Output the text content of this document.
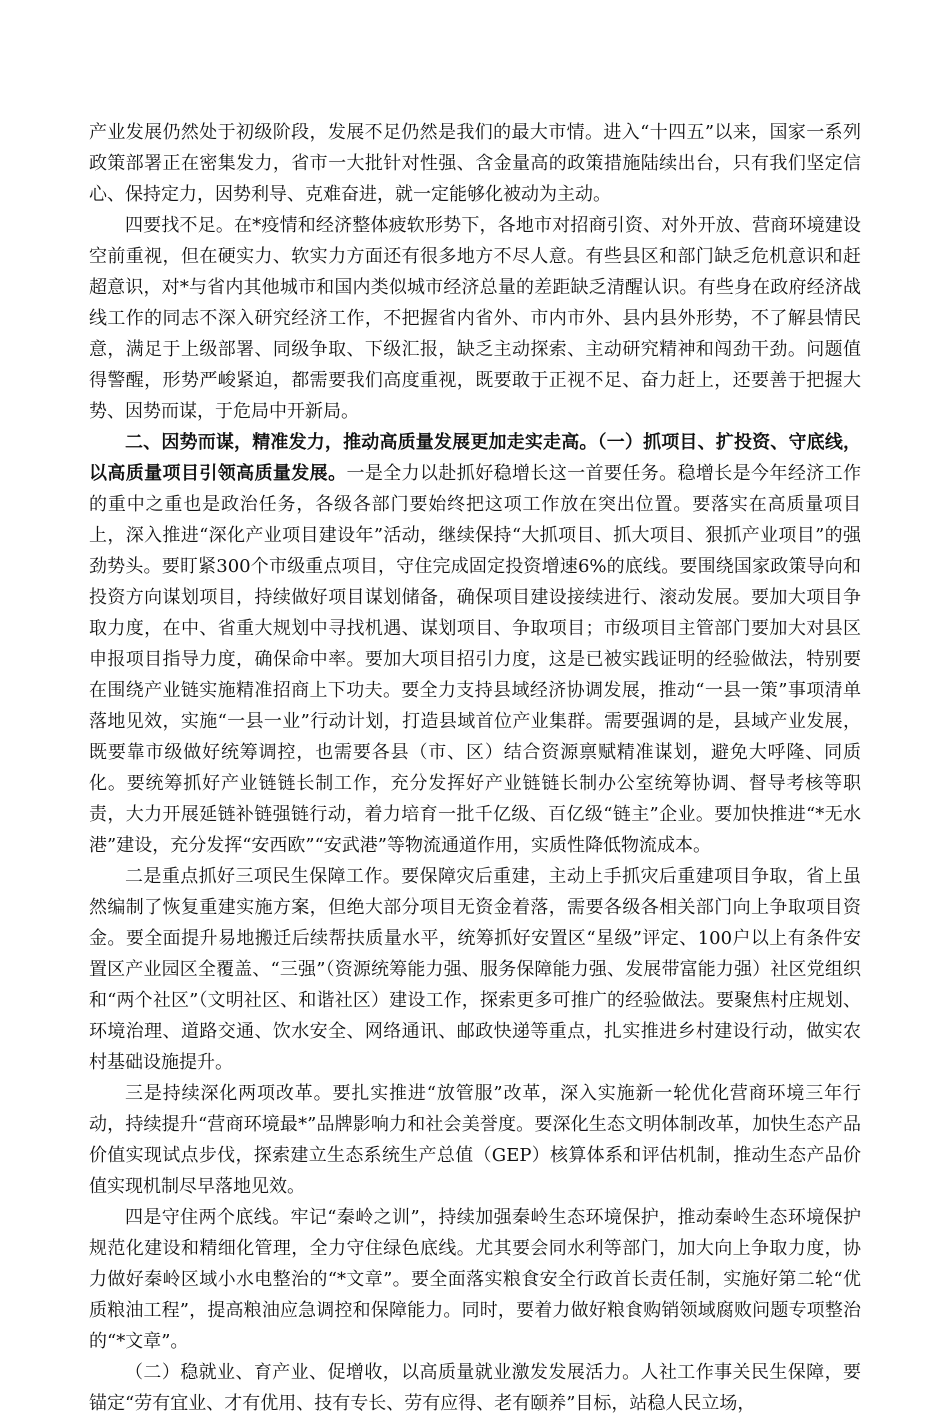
产业发展仍然处于初级阶段，发展不足仍然是我们的最大市情。进入“十四五”以来，国家一系列政策部署正在密集发力，省市一大批针对性强、含金量高的政策措施陆续出台，只有我们坚定信心、保持定力，因势利导、克难奋进，就一定能够化被动为主动。

四要找不足。在*疫情和经济整体疲软形势下，各地市对招商引资、对外开放、营商环境建设空前重视，但在硬实力、软实力方面还有很多地方不尽人意。有些县区和部门缺乏危机意识和赶超意识，对*与省内其他城市和国内类似城市经济总量的差距缺乏清醒认识。有些身在政府经济战线工作的同志不深入研究经济工作，不把握省内省外、市内市外、县内县外形势，不了解县情民意，满足于上级部署、同级争取、下级汇报，缺乏主动探索、主动研究精神和闯劲干劲。问题值得警醒，形势严峻紧迫，都需要我们高度重视，既要敢于正视不足、奋力赶上，还要善于把握大势、因势而谋，于危局中开新局。

二、因势而谋，精准发力，推动高质量发展更加走实走高。（一）抓项目、扩投资、守底线，以高质量项目引领高质量发展。一是全力以赴抓好稳增长这一首要任务。稳增长是今年经济工作的重中之重也是政治任务，各级各部门要始终把这项工作放在突出位置。要落实在高质量项目上，深入推进“深化产业项目建设年”活动，继续保持“大抓项目、抓大项目、狠抓产业项目”的强劲势头。要盯紧300个市级重点项目，守住完成固定投资增速6%的底线。要围绕国家政策导向和投资方向谋划项目，持续做好项目谋划储备，确保项目建设接续进行、滚动发展。要加大项目争取力度，在中、省重大规划中寻找机遇、谋划项目、争取项目；市级项目主管部门要加大对县区申报项目指导力度，确保命中率。要加大项目招引力度，这是已被实践证明的经验做法，特别要在围绕产业链实施精准招商上下功夫。要全力支持县域经济协调发展，推动“一县一策”事项清单落地见效，实施“一县一业”行动计划，打造县域首位产业集群。需要强调的是，县域产业发展，既要靠市级做好统筹调控，也需要各县（市、区）结合资源禀赋精准谋划，避免大呼隆、同质化。要统筹抓好产业链链长制工作，充分发挥好产业链链长制办公室统筹协调、督导考核等职责，大力开展延链补链强链行动，着力培育一批千亿级、百亿级“链主”企业。要加快推进“*无水港”建设，充分发挥“安西欧”“安武港”等物流通道作用，实质性降低物流成本。

二是重点抓好三项民生保障工作。要保障灾后重建，主动上手抓灾后重建项目争取，省上虽然编制了恢复重建实施方案，但绝大部分项目无资金着落，需要各级各相关部门向上争取项目资金。要全面提升易地搬迁后续帮扶质量水平，统筹抓好安置区“星级”评定、100户以上有条件安置区产业园区全覆盖、“三强”（资源统筹能力强、服务保障能力强、发展带富能力强）社区党组织和“两个社区”（文明社区、和谐社区）建设工作，探索更多可推广的经验做法。要聚焦村庄规划、环境治理、道路交通、饮水安全、网络通讯、邮政快递等重点，扎实推进乡村建设行动，做实农村基础设施提升。

三是持续深化两项改革。要扎实推进“放管服”改革，深入实施新一轮优化营商环境三年行动，持续提升“营商环境最*”品牌影响力和社会美誉度。要深化生态文明体制改革，加快生态产品价值实现试点步伐，探索建立生态系统生产总值（GEP）核算体系和评估机制，推动生态产品价值实现机制尽早落地见效。

四是守住两个底线。牢记“秦岭之训”，持续加强秦岭生态环境保护，推动秦岭生态环境保护规范化建设和精细化管理，全力守住绿色底线。尤其要会同水利等部门，加大向上争取力度，协力做好秦岭区域小水电整治的“*文章”。要全面落实粮食安全行政首长责任制，实施好第二轮“优质粮油工程”，提高粮油应急调控和保障能力。同时，要着力做好粮食购销领域腐败问题专项整治的“*文章”。

（二）稳就业、育产业、促增收，以高质量就业激发发展活力。人社工作事关民生保障，要锚定“劳有宜业、才有优用、技有专长、劳有应得、老有颐养”目标，站稳人民立场，
